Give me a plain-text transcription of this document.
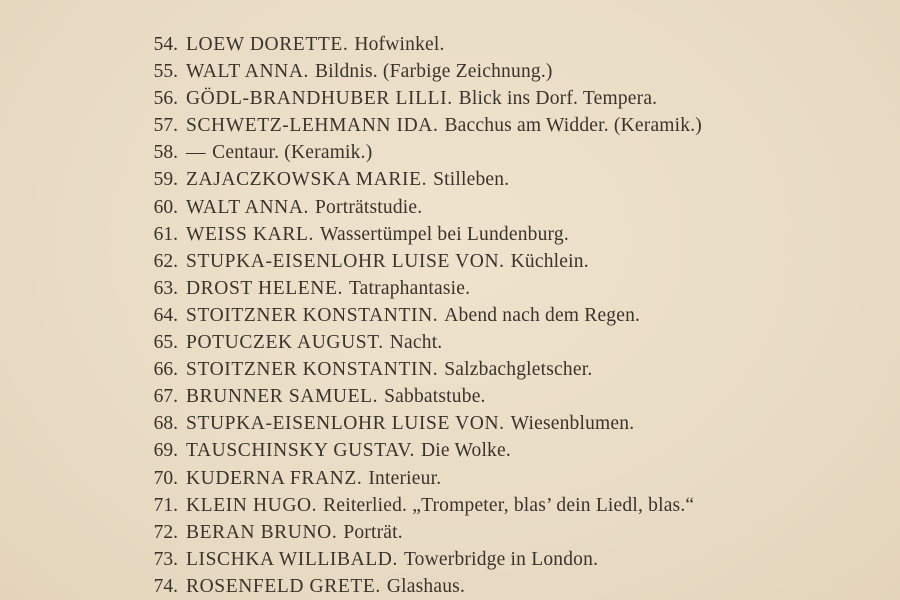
54. LOEW DORETTE. Hofwinkel.
55. WALT ANNA. Bildnis. (Farbige Zeichnung.)
56. GÖDL-BRANDHUBER LILLI. Blick ins Dorf. Tempera.
57. SCHWETZ-LEHMANN IDA. Bacchus am Widder. (Keramik.)
58. — Centaur. (Keramik.)
59. ZAJACZKOWSKA MARIE. Stilleben.
60. WALT ANNA. Porträtstudie.
61. WEISS KARL. Wassertümpel bei Lundenburg.
62. STUPKA-EISENLOHR LUISE VON. Küchlein.
63. DROST HELENE. Tatraphantasie.
64. STOITZNER KONSTANTIN. Abend nach dem Regen.
65. POTUCZEK AUGUST. Nacht.
66. STOITZNER KONSTANTIN. Salzbachgletscher.
67. BRUNNER SAMUEL. Sabbatstube.
68. STUPKA-EISENLOHR LUISE VON. Wiesenblumen.
69. TAUSCHINSKY GUSTAV. Die Wolke.
70. KUDERNA FRANZ. Interieur.
71. KLEIN HUGO. Reiterlied. „Trompeter, blas’ dein Liedl, blas.“
72. BERAN BRUNO. Porträt.
73. LISCHKA WILLIBALD. Towerbridge in London.
74. ROSENFELD GRETE. Glashaus.
